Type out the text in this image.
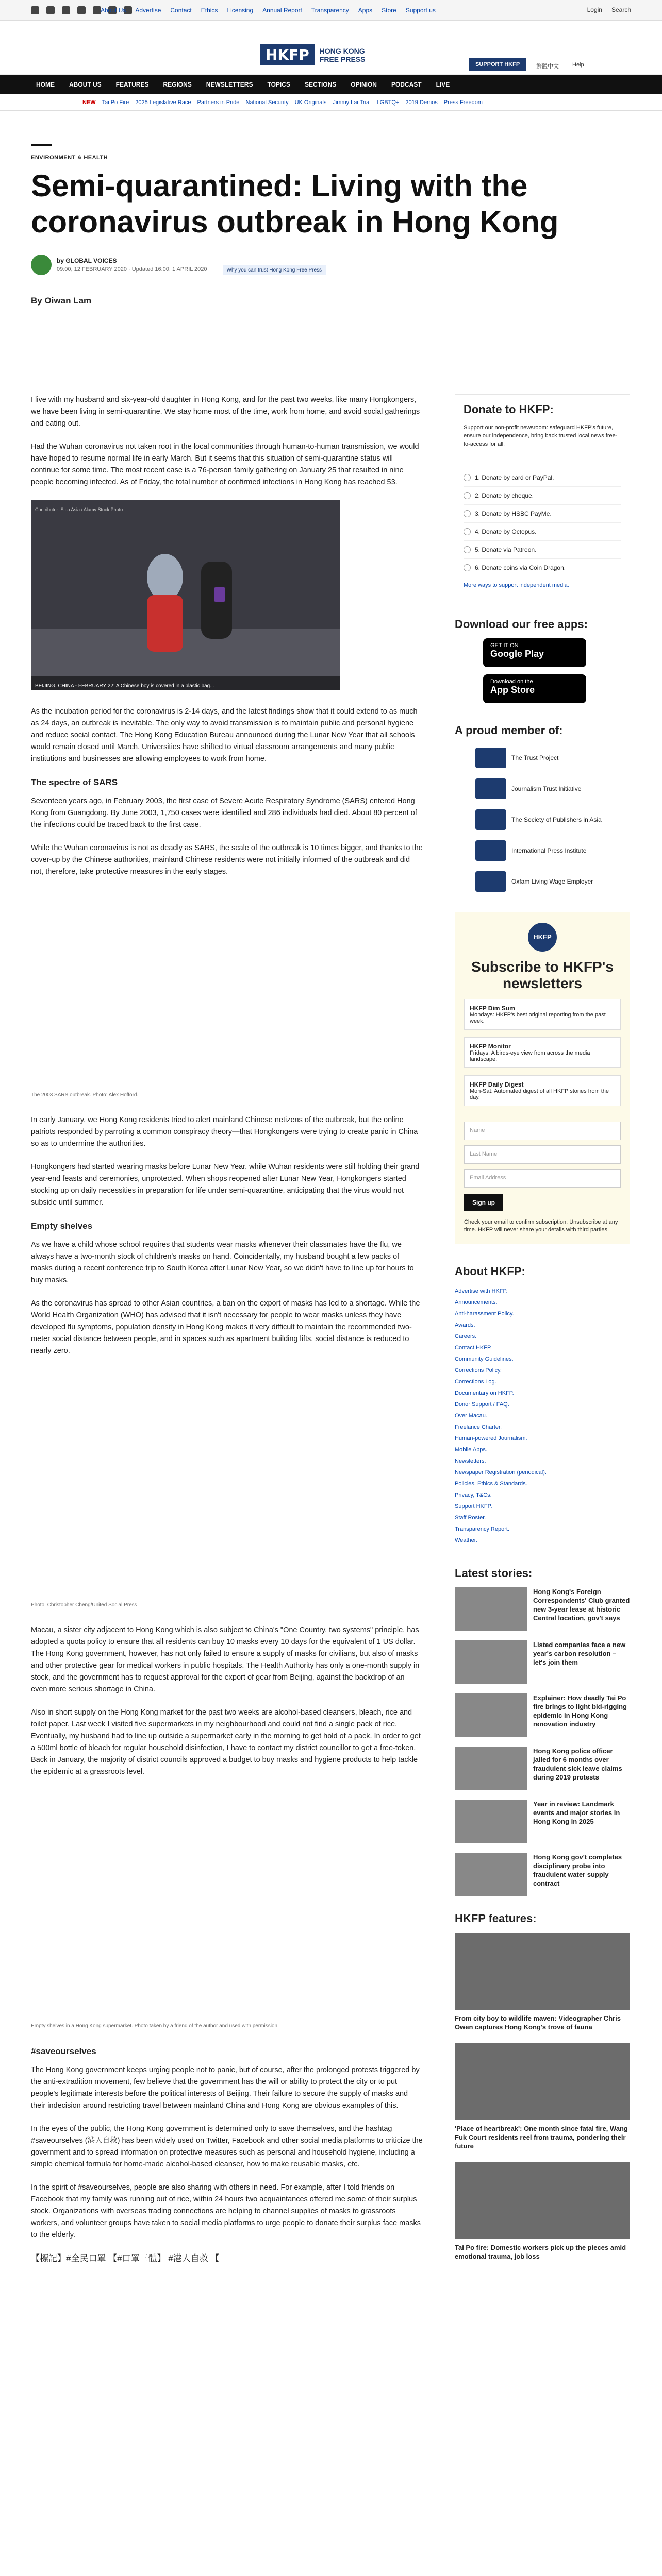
About Us Advertise Contact Ethics Licensing Annual Report Transparency Apps Store Support us	Login Search
HKFP	HONG KONG
FREE PRESS
SUPPORT HKFP	繁體中文 Help
HOME ABOUT US FEATURES REGIONS NEWSLETTERS TOPICS SECTIONS OPINION PODCAST LIVE
NEW Tai Po Fire 2025 Legislative Race Partners in Pride National Security UK Originals Jimmy Lai Trial LGBTQ+ 2019 Demos Press Freedom
ENVIRONMENT & HEALTH
Semi-quarantined: Living with the coronavirus outbreak in Hong Kong
by GLOBAL VOICES
09:00, 12 FEBRUARY 2020 · Updated 16:00, 1 APRIL 2020	Why you can trust Hong Kong Free Press
By Oiwan Lam

I live with my husband and six-year-old daughter in Hong Kong, and for the past two weeks, like many Hongkongers, we have been living in semi-quarantine. We stay home most of the time, work from home, and avoid social gatherings and eating out.

Had the Wuhan coronavirus not taken root in the local communities through human-to-human transmission, we would have hoped to resume normal life in early March. But it seems that this situation of semi-quarantine status will continue for some time. The most recent case is a 76-person family gathering on January 25 that resulted in nine people becoming infected. As of Friday, the total number of confirmed infections in Hong Kong has reached 53.

Contributor: Sipa Asia / Alamy Stock Photo
BEIJING, CHINA - FEBRUARY 22: A Chinese boy is covered in a plastic bag...

As the incubation period for the coronavirus is 2-14 days, and the latest findings show that it could extend to as much as 24 days, an outbreak is inevitable. The only way to avoid transmission is to maintain public and personal hygiene and reduce social contact. The Hong Kong Education Bureau announced during the Lunar New Year that all schools would remain closed until March. Universities have shifted to virtual classroom arrangements and many public institutions and businesses are allowing employees to work from home.

The spectre of SARS

Seventeen years ago, in February 2003, the first case of Severe Acute Respiratory Syndrome (SARS) entered Hong Kong from Guangdong. By June 2003, 1,750 cases were identified and 286 individuals had died. About 80 percent of the infections could be traced back to the first case.

While the Wuhan coronavirus is not as deadly as SARS, the scale of the outbreak is 10 times bigger, and thanks to the cover-up by the Chinese authorities, mainland Chinese residents were not initially informed of the outbreak and did not, therefore, take protective measures in the early stages.

The 2003 SARS outbreak. Photo: Alex Hofford.

In early January, we Hong Kong residents tried to alert mainland Chinese netizens of the outbreak, but the online patriots responded by parroting a common conspiracy theory—that Hongkongers were trying to create panic in China so as to undermine the authorities.

Hongkongers had started wearing masks before Lunar New Year, while Wuhan residents were still holding their grand year-end feasts and ceremonies, unprotected. When shops reopened after Lunar New Year, Hongkongers started stocking up on daily necessities in preparation for life under semi-quarantine, anticipating that the virus would not subside until summer.

Empty shelves

As we have a child whose school requires that students wear masks whenever their classmates have the flu, we always have a two-month stock of children's masks on hand. Coincidentally, my husband bought a few packs of masks during a recent conference trip to South Korea after Lunar New Year, so we didn't have to line up for hours to buy masks.

As the coronavirus has spread to other Asian countries, a ban on the export of masks has led to a shortage. While the World Health Organization (WHO) has advised that it isn't necessary for people to wear masks unless they have developed flu symptoms, population density in Hong Kong makes it very difficult to maintain the recommended two-meter social distance between people, and in spaces such as apartment building lifts, social distance is reduced to nearly zero.

Photo: Christopher Cheng/United Social Press

Macau, a sister city adjacent to Hong Kong which is also subject to China's "One Country, two systems" principle, has adopted a quota policy to ensure that all residents can buy 10 masks every 10 days for the equivalent of 1 US dollar. The Hong Kong government, however, has not only failed to ensure a supply of masks for civilians, but also of masks and other protective gear for medical workers in public hospitals. The Health Authority has only a one-month supply in stock, and the government has to request approval for the export of gear from Beijing, against the backdrop of an even more serious shortage in China.

Also in short supply on the Hong Kong market for the past two weeks are alcohol-based cleansers, bleach, rice and toilet paper. Last week I visited five supermarkets in my neighbourhood and could not find a single pack of rice. Eventually, my husband had to line up outside a supermarket early in the morning to get hold of a pack. In order to get a 500ml bottle of bleach for regular household disinfection, I have to contact my district councillor to get a free-token. Back in January, the majority of district councils approved a budget to buy masks and hygiene products to help tackle the epidemic at a grassroots level.

Empty shelves in a Hong Kong supermarket. Photo taken by a friend of the author and used with permission.
#saveourselves

The Hong Kong government keeps urging people not to panic, but of course, after the prolonged protests triggered by the anti-extradition movement, few believe that the government has the will or ability to protect the city or to put people's legitimate interests before the political interests of Beijing. Their failure to secure the supply of masks and their indecision around restricting travel between mainland China and Hong Kong are obvious examples of this.

In the eyes of the public, the Hong Kong government is determined only to save themselves, and the hashtag #saveourselves (港人自救) has been widely used on Twitter, Facebook and other social media platforms to criticize the government and to spread information on protective measures such as personal and household hygiene, including a simple chemical formula for home-made alcohol-based cleanser, how to make reusable masks, etc.

In the spirit of #saveourselves, people are also sharing with others in need. For example, after I told friends on Facebook that my family was running out of rice, within 24 hours two acquaintances offered me some of their surplus stock. Organizations with overseas trading connections are helping to channel supplies of masks to grassroots workers, and volunteer groups have taken to social media platforms to urge people to donate their surplus face masks to the elderly.

【標記】#全民口罩 【#口罩三體】 #港人自救 【

Donate to HKFP:
Support our non-profit newsroom: safeguard HKFP's future, ensure our independence, bring back trusted local news free-to-access for all.
1. Donate by card or PayPal.
2. Donate by cheque.
3. Donate by HSBC PayMe.
4. Donate by Octopus.
5. Donate via Patreon.
6. Donate coins via Coin Dragon.
More ways to support independent media.
Download our free apps:
GET IT ON
Google Play
Download on the
App Store
A proud member of:
The Trust Project
Journalism Trust Initiative
The Society of Publishers in Asia
International Press Institute
Oxfam Living Wage Employer
HKFP
Subscribe to HKFP's newsletters
HKFP Dim Sum
Mondays: HKFP's best original reporting from the past week.
HKFP Monitor
Fridays: A birds-eye view from across the media landscape.
HKFP Daily Digest
Mon-Sat: Automated digest of all HKFP stories from the day.
Name
Last Name
Email Address
Sign up
Check your email to confirm subscription. Unsubscribe at any time. HKFP will never share your details with third parties.
About HKFP:
Advertise with HKFP.
Announcements.
Anti-harassment Policy.
Awards.
Careers.
Contact HKFP.
Community Guidelines.
Corrections Policy.
Corrections Log.
Documentary on HKFP.
Donor Support / FAQ.
Over Macau.
Freelance Charter.
Human-powered Journalism.
Mobile Apps.
Newsletters.
Newspaper Registration (periodical).
Policies, Ethics & Standards.
Privacy, T&Cs.
Support HKFP.
Staff Roster.
Transparency Report.
Weather.
Latest stories:
Hong Kong's Foreign Correspondents' Club granted new 3-year lease at historic Central location, gov't says
Listed companies face a new year's carbon resolution – let's join them
Explainer: How deadly Tai Po fire brings to light bid-rigging epidemic in Hong Kong renovation industry
Hong Kong police officer jailed for 6 months over fraudulent sick leave claims during 2019 protests
Year in review: Landmark events and major stories in Hong Kong in 2025
Hong Kong gov't completes disciplinary probe into fraudulent water supply contract
HKFP features:
From city boy to wildlife maven: Videographer Chris Owen captures Hong Kong's trove of fauna
'Place of heartbreak': One month since fatal fire, Wang Fuk Court residents reel from trauma, pondering their future
Tai Po fire: Domestic workers pick up the pieces amid emotional trauma, job loss
